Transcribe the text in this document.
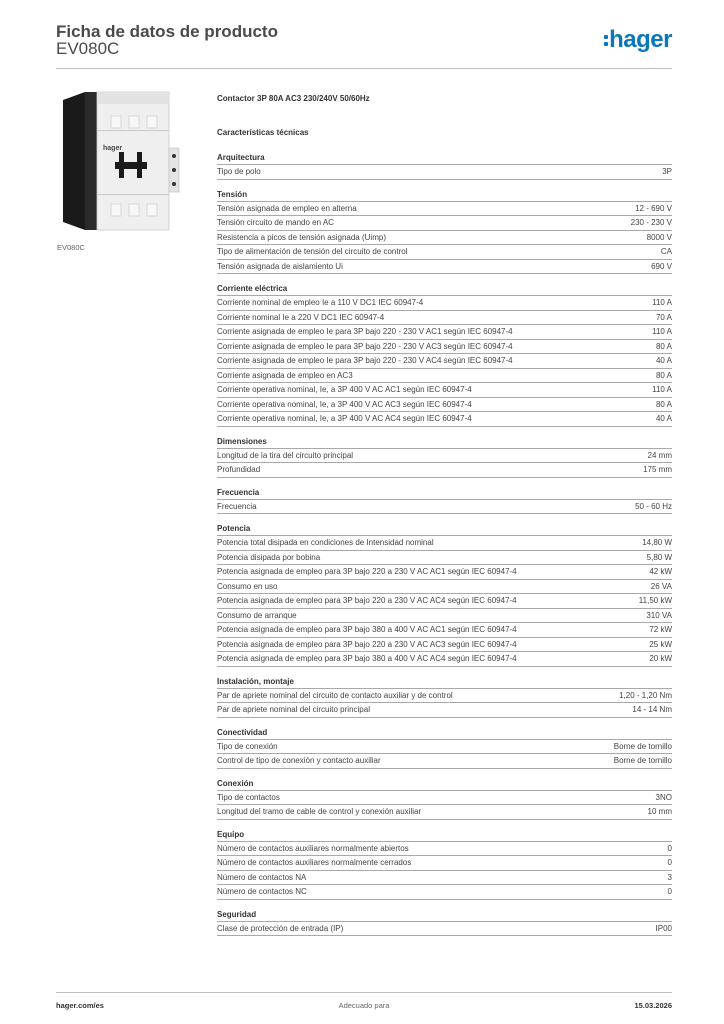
Ficha de datos de producto
EV080C	hager
hager
EV080C
Contactor 3P 80A AC3 230/240V 50/60Hz
Características técnicas
Arquitectura
Tipo de polo	3P
Tensión
Tensión asignada de empleo en alterna	12 - 690 V
Tensión circuito de mando en AC	230 - 230 V
Resistencia a picos de tensión asignada (Uimp)	8000 V
Tipo de alimentación de tensión del circuito de control	CA
Tensión asignada de aislamiento Ui	690 V
Corriente eléctrica
Corriente nominal de empleo Ie a 110 V DC1 IEC 60947-4	110 A
Corriente nominal Ie a 220 V DC1 IEC 60947-4	70 A
Corriente asignada de empleo Ie para 3P bajo 220 - 230 V AC1 según IEC 60947-4	110 A
Corriente asignada de empleo Ie para 3P bajo 220 - 230 V AC3 según IEC 60947-4	80 A
Corriente asignada de empleo Ie para 3P bajo 220 - 230 V AC4 según IEC 60947-4	40 A
Corriente asignada de empleo en AC3	80 A
Corriente operativa nominal, Ie, a 3P 400 V AC AC1 según IEC 60947-4	110 A
Corriente operativa nominal, Ie, a 3P 400 V AC AC3 según IEC 60947-4	80 A
Corriente operativa nominal, Ie, a 3P 400 V AC AC4 según IEC 60947-4	40 A
Dimensiones
Longitud de la tira del circuito principal	24 mm
Profundidad	175 mm
Frecuencia
Frecuencia	50 - 60 Hz
Potencia
Potencia total disipada en condiciones de Intensidad nominal	14,80 W
Potencia disipada por bobina	5,80 W
Potencia asignada de empleo para 3P bajo 220 a 230 V AC AC1 según IEC 60947-4	42 kW
Consumo en uso	26 VA
Potencia asignada de empleo para 3P bajo 220 a 230 V AC AC4 según IEC 60947-4	11,50 kW
Consumo de arranque	310 VA
Potencia asignada de empleo para 3P bajo 380 a 400 V AC AC1 según IEC 60947-4	72 kW
Potencia asignada de empleo para 3P bajo 220 a 230 V AC AC3 según IEC 60947-4	25 kW
Potencia asignada de empleo para 3P bajo 380 a 400 V AC AC4 según IEC 60947-4	20 kW
Instalación, montaje
Par de apriete nominal del circuito de contacto auxiliar y de control	1,20 - 1,20 Nm
Par de apriete nominal del circuito principal	14 - 14 Nm
Conectividad
Tipo de conexión	Borne de tornillo
Control de tipo de conexión y contacto auxiliar	Borne de tornillo
Conexión
Tipo de contactos	3NO
Longitud del tramo de cable de control y conexión auxiliar	10 mm
Equipo
Número de contactos auxiliares normalmente abiertos	0
Número de contactos auxiliares normalmente cerrados	0
Número de contactos NA	3
Número de contactos NC	0
Seguridad
Clase de protección de entrada (IP)	IP00
hager.com/es	Adecuado para	15.03.2026
